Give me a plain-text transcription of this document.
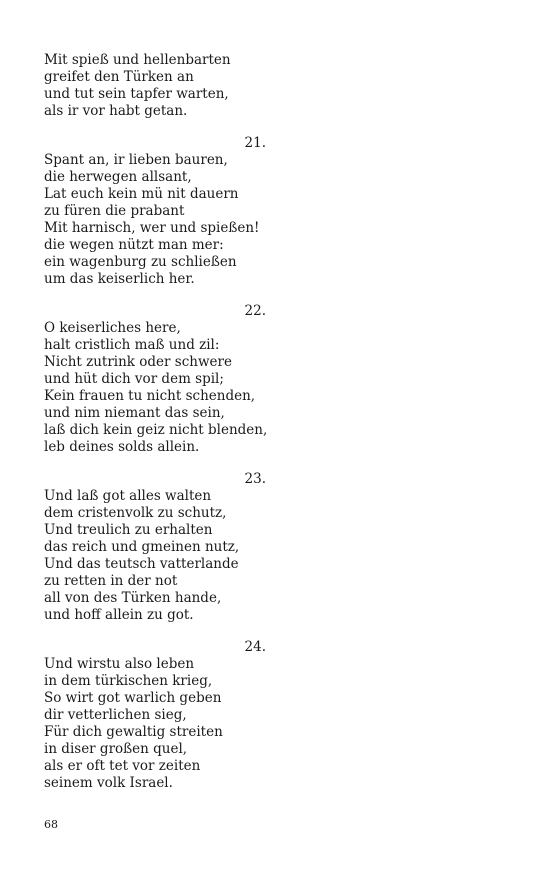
Mit spieß und hellenbarten
greifet den Türken an
und tut sein tapfer warten,
als ir vor habt getan.
21.
Spant an, ir lieben bauren,
die herwegen allsant,
Lat euch kein mü nit dauern
zu füren die prabant
Mit harnisch, wer und spießen!
die wegen nützt man mer:
ein wagenburg zu schließen
um das keiserlich her.
22.
O keiserliches here,
halt cristlich maß und zil:
Nicht zutrink oder schwere
und hüt dich vor dem spil;
Kein frauen tu nicht schenden,
und nim niemant das sein,
laß dich kein geiz nicht blenden,
leb deines solds allein.
23.
Und laß got alles walten
dem cristenvolk zu schutz,
Und treulich zu erhalten
das reich und gmeinen nutz,
Und das teutsch vatterlande
zu retten in der not
all von des Türken hande,
und hoff allein zu got.
24.
Und wirstu also leben
in dem türkischen krieg,
So wirt got warlich geben
dir vetterlichen sieg,
Für dich gewaltig streiten
in diser großen quel,
als er oft tet vor zeiten
seinem volk Israel.
68
